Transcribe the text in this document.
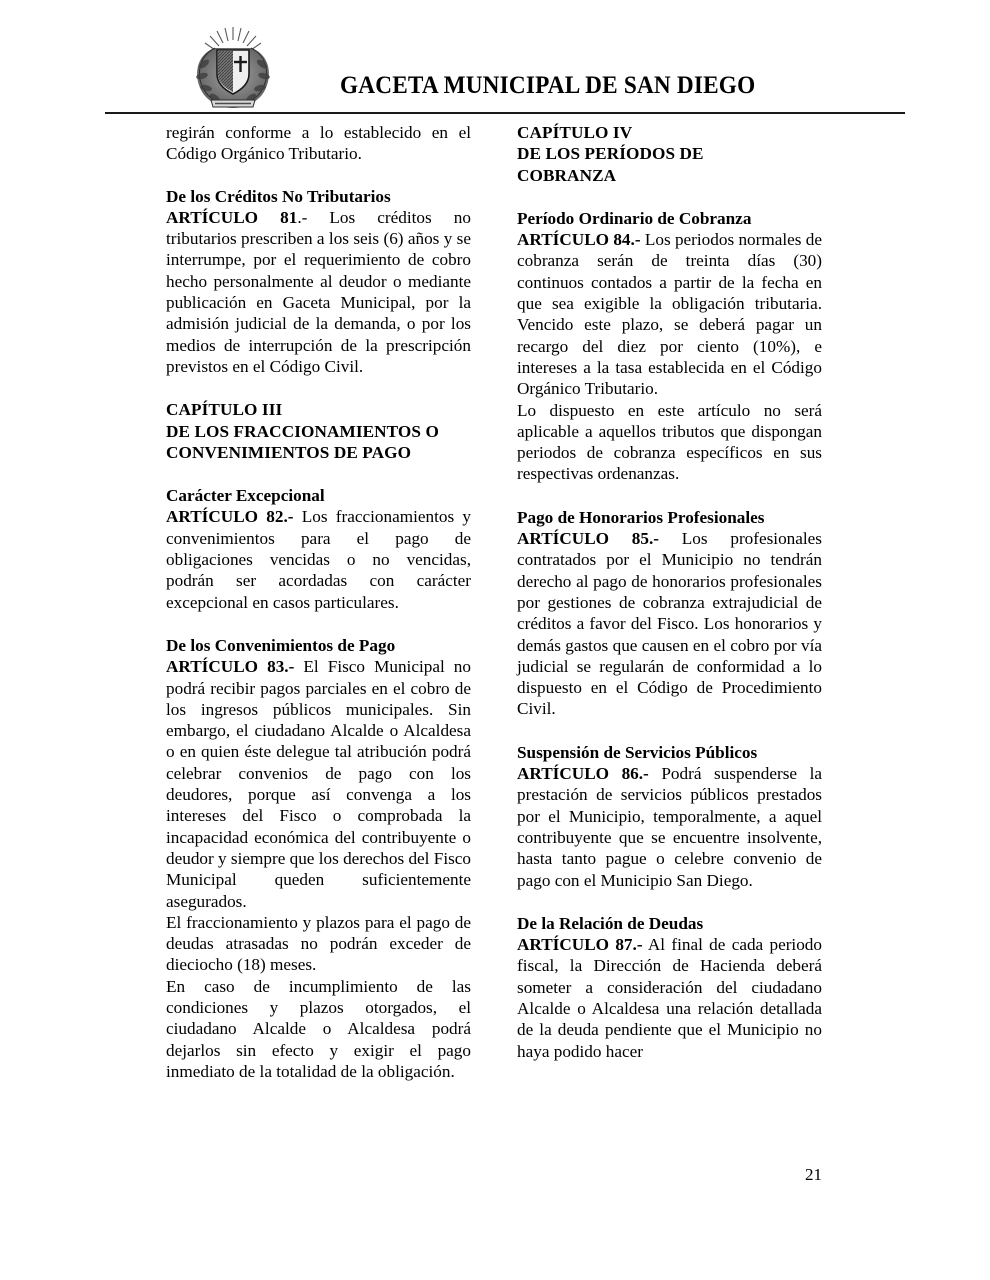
GACETA MUNICIPAL DE SAN DIEGO

regirán conforme a lo establecido en el Código Orgánico Tributario.

De los Créditos No Tributarios

ARTÍCULO 81.- Los créditos no tributarios prescriben a los seis (6) años y se interrumpe, por el requerimiento de cobro hecho personalmente al deudor o mediante publicación en Gaceta Municipal, por la admisión judicial de la demanda, o por los medios de interrupción de la prescripción previstos en el Código Civil.

CAPÍTULO III

DE LOS FRACCIONAMIENTOS O

CONVENIMIENTOS DE PAGO

Carácter Excepcional

ARTÍCULO 82.- Los fraccionamientos y convenimientos para el pago de obligaciones vencidas o no vencidas, podrán ser acordadas con carácter excepcional en casos particulares.

De los Convenimientos de Pago

ARTÍCULO 83.- El Fisco Municipal no podrá recibir pagos parciales en el cobro de los ingresos públicos municipales. Sin embargo, el ciudadano Alcalde o Alcaldesa o en quien éste delegue tal atribución podrá celebrar convenios de pago con los deudores, porque así convenga a los intereses del Fisco o comprobada la incapacidad económica del contribuyente o deudor y siempre que los derechos del Fisco Municipal queden suficientemente asegurados.

El fraccionamiento y plazos para el pago de deudas atrasadas no podrán exceder de dieciocho (18) meses.

En caso de incumplimiento de las condiciones y plazos otorgados, el ciudadano Alcalde o Alcaldesa podrá dejarlos sin efecto y exigir el pago inmediato de la totalidad de la obligación.

CAPÍTULO IV

DE LOS PERÍODOS DE

COBRANZA

Período Ordinario de Cobranza

ARTÍCULO 84.- Los periodos normales de cobranza serán de treinta días (30) continuos contados a partir de la fecha en que sea exigible la obligación tributaria. Vencido este plazo, se deberá pagar un recargo del diez por ciento (10%), e intereses a la tasa establecida en el Código Orgánico Tributario.

Lo dispuesto en este artículo no será aplicable a aquellos tributos que dispongan periodos de cobranza específicos en sus respectivas ordenanzas.

Pago de Honorarios Profesionales

ARTÍCULO 85.- Los profesionales contratados por el Municipio no tendrán derecho al pago de honorarios profesionales por gestiones de cobranza extrajudicial de créditos a favor del Fisco. Los honorarios y demás gastos que causen en el cobro por vía judicial se regularán de conformidad a lo dispuesto en el Código de Procedimiento Civil.

Suspensión de Servicios Públicos

ARTÍCULO 86.- Podrá suspenderse la prestación de servicios públicos prestados por el Municipio, temporalmente, a aquel contribuyente que se encuentre insolvente, hasta tanto pague o celebre convenio de pago con el Municipio San Diego.

De la Relación de Deudas

ARTÍCULO 87.- Al final de cada periodo fiscal, la Dirección de Hacienda deberá someter a consideración del ciudadano Alcalde o Alcaldesa una relación detallada de la deuda pendiente que el Municipio no haya podido hacer

21
